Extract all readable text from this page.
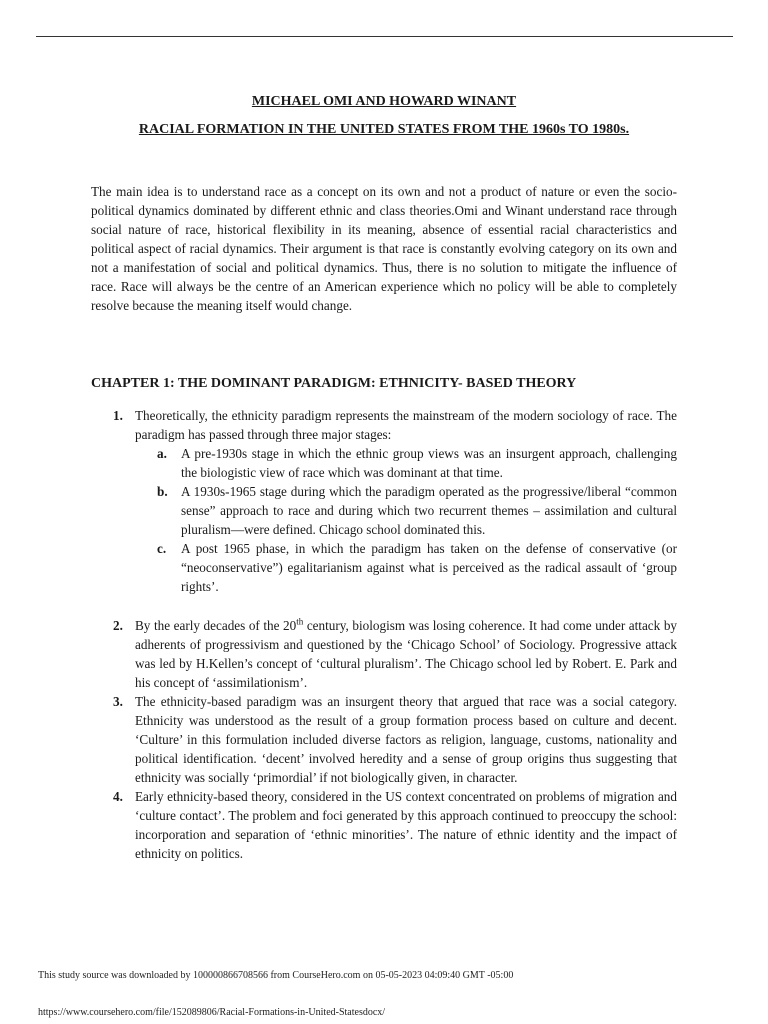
MICHAEL OMI AND HOWARD WINANT

RACIAL FORMATION IN THE UNITED STATES FROM THE 1960s TO 1980s.

The main idea is to understand race as a concept on its own and not a product of nature or even the socio-political dynamics dominated by different ethnic and class theories.Omi and Winant understand race through social nature of race, historical flexibility in its meaning, absence of essential racial characteristics and political aspect of racial dynamics. Their argument is that race is constantly evolving category on its own and not a manifestation of social and political dynamics. Thus, there is no solution to mitigate the influence of race. Race will always be the centre of an American experience which no policy will be able to completely resolve because the meaning itself would change.

CHAPTER 1: THE DOMINANT PARADIGM: ETHNICITY- BASED THEORY

1. Theoretically, the ethnicity paradigm represents the mainstream of the modern sociology of race. The paradigm has passed through three major stages:
a. A pre-1930s stage in which the ethnic group views was an insurgent approach, challenging the biologistic view of race which was dominant at that time.
b. A 1930s-1965 stage during which the paradigm operated as the progressive/liberal “common sense” approach to race and during which two recurrent themes – assimilation and cultural pluralism—were defined. Chicago school dominated this.
c. A post 1965 phase, in which the paradigm has taken on the defense of conservative (or “neoconservative”) egalitarianism against what is perceived as the radical assault of ‘group rights’.
2. By the early decades of the 20th century, biologism was losing coherence. It had come under attack by adherents of progressivism and questioned by the ‘Chicago School’ of Sociology. Progressive attack was led by H.Kellen’s concept of ‘cultural pluralism’. The Chicago school led by Robert. E. Park and his concept of ‘assimilationism’.
3. The ethnicity-based paradigm was an insurgent theory that argued that race was a social category. Ethnicity was understood as the result of a group formation process based on culture and decent. ‘Culture’ in this formulation included diverse factors as religion, language, customs, nationality and political identification. ‘decent’ involved heredity and a sense of group origins thus suggesting that ethnicity was socially ‘primordial’ if not biologically given, in character.
4. Early ethnicity-based theory, considered in the US context concentrated on problems of migration and ‘culture contact’. The problem and foci generated by this approach continued to preoccupy the school: incorporation and separation of ‘ethnic minorities’. The nature of ethnic identity and the impact of ethnicity on politics.
This study source was downloaded by 100000866708566 from CourseHero.com on 05-05-2023 04:09:40 GMT -05:00
https://www.coursehero.com/file/152089806/Racial-Formations-in-United-Statesdocx/
